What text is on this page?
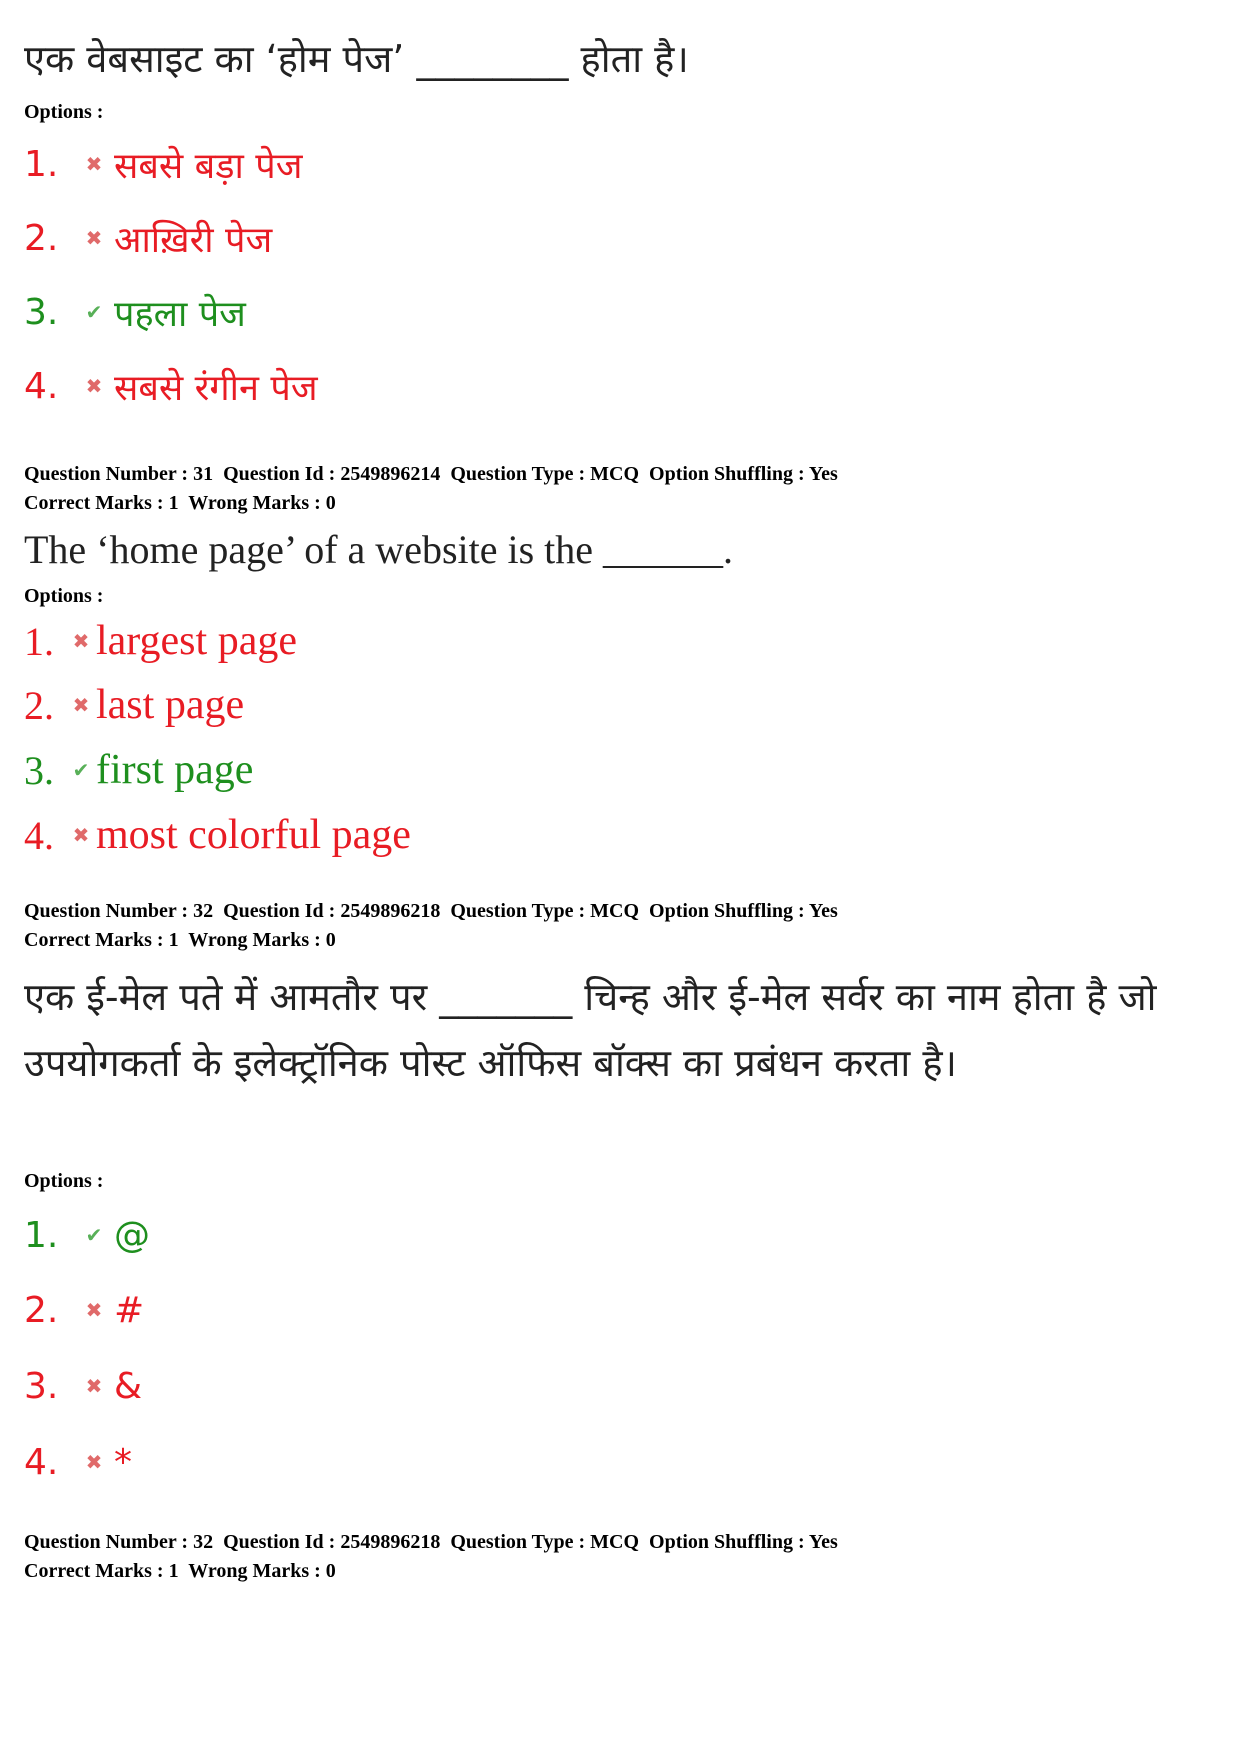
एक वेबसाइट का ‘होम पेज’ ________ होता है।

Options :
1.	✖ सबसे बड़ा पेज
2.	✖ आख़िरी पेज
3.	✔ पहला पेज
4.	✖ सबसे रंगीन पेज
Question Number : 31  Question Id : 2549896214  Question Type : MCQ  Option Shuffling : Yes
Correct Marks : 1  Wrong Marks : 0

The ‘home page’ of a website is the ______.

Options :
1. ✖ largest page
2. ✖ last page
3. ✔ first page
4. ✖ most colorful page
Question Number : 32  Question Id : 2549896218  Question Type : MCQ  Option Shuffling : Yes
Correct Marks : 1  Wrong Marks : 0

एक ई-मेल पते में आमतौर पर _______ चिन्ह और ई-मेल सर्वर का नाम होता है जो उपयोगकर्ता के इलेक्ट्रॉनिक पोस्ट ऑफिस बॉक्स का प्रबंधन करता है।

Options :
1.	✔ @
2.	✖ #
3.	✖ &
4.	✖ *
Question Number : 32  Question Id : 2549896218  Question Type : MCQ  Option Shuffling : Yes
Correct Marks : 1  Wrong Marks : 0
